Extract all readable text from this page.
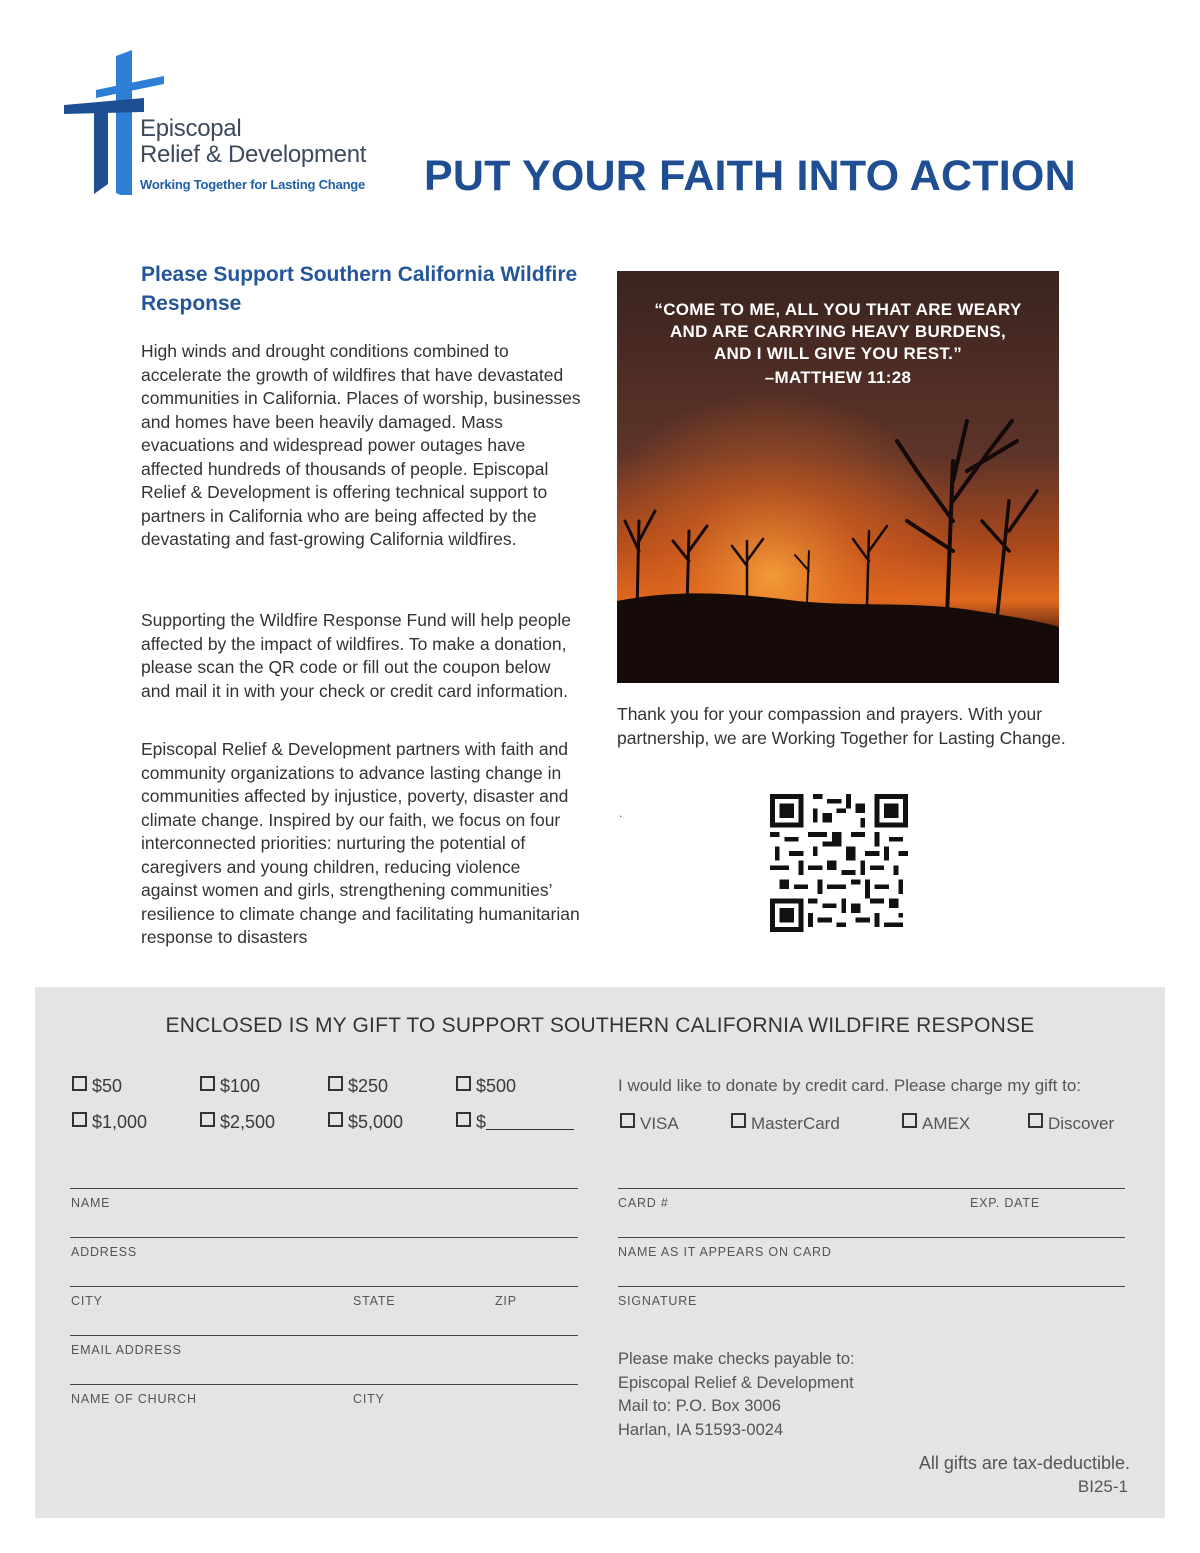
Episcopal
Relief & Development
Working Together for Lasting Change PUT YOUR FAITH INTO ACTION
Please Support Southern California Wildfire Response

High winds and drought conditions combined to accelerate the growth of wildfires that have devastated communities in California. Places of worship, businesses and homes have been heavily damaged. Mass evacuations and widespread power outages have affected hundreds of thousands of people. Episcopal Relief & Development is offering technical support to partners in California who are being affected by the devastating and fast-growing California wildfires.

Supporting the Wildfire Response Fund will help people affected by the impact of wildfires. To make a donation, please scan the QR code or fill out the coupon below and mail it in with your check or credit card information.

Episcopal Relief & Development partners with faith and community organizations to advance lasting change in communities affected by injustice, poverty, disaster and climate change. Inspired by our faith, we focus on four interconnected priorities: nurturing the potential of caregivers and young children, reducing violence against women and girls, strengthening communities’ resilience to climate change and facilitating humanitarian response to disasters

“COME TO ME, ALL YOU THAT ARE WEARY
AND ARE CARRYING HEAVY BURDENS,
AND I WILL GIVE YOU REST.”
–MATTHEW 11:28

Thank you for your compassion and prayers. With your partnership, we are Working Together for Lasting Change.

.
ENCLOSED IS MY GIFT TO SUPPORT SOUTHERN CALIFORNIA WILDFIRE RESPONSE
$50	$100	$250	$500
$1,000	$2,500	$5,000	$
I would like to donate by credit card. Please charge my gift to:
VISA	MasterCard	AMEX	Discover
NAME
ADDRESS
CITY	STATE	ZIP
EMAIL ADDRESS
NAME OF CHURCH	CITY
CARD #	EXP. DATE
NAME AS IT APPEARS ON CARD
SIGNATURE
Please make checks payable to:
Episcopal Relief & Development
Mail to: P.O. Box 3006
Harlan, IA 51593-0024
All gifts are tax-deductible.
BI25-1
